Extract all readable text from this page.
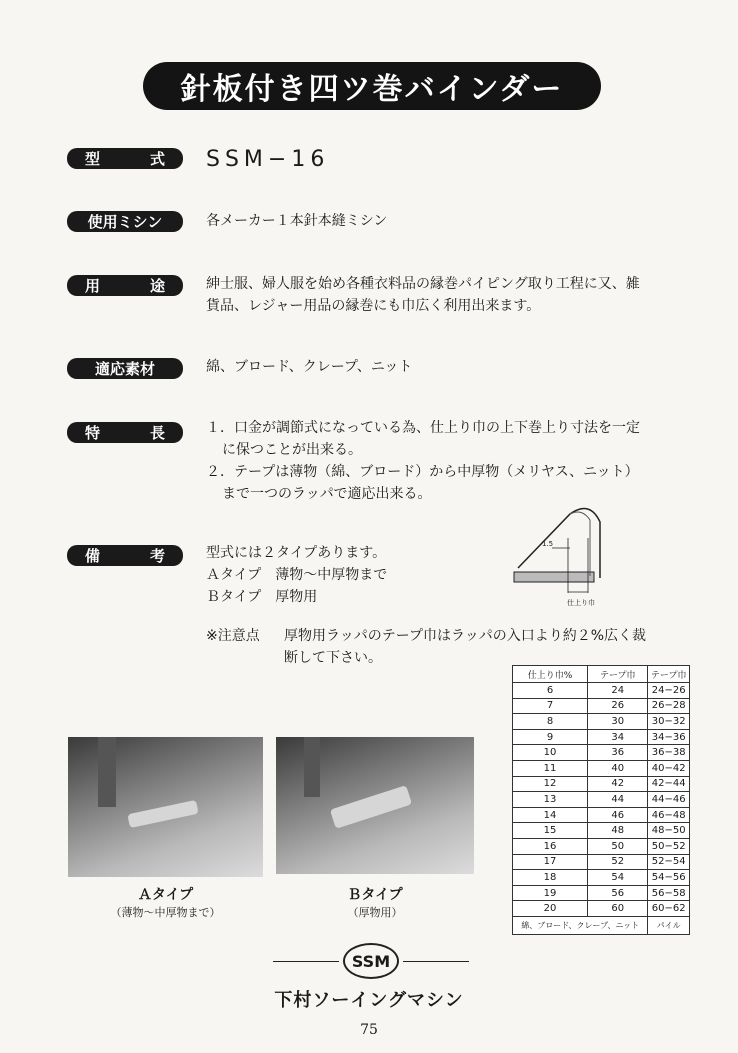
針板付き四ツ巻バインダー
型	式 SSM−16
使用ミシン	各メーカー１本針本縫ミシン
用	途	紳士服、婦人服を始め各種衣料品の縁巻パイピング取り工程に又、雑
貨品、レジャー用品の縁巻にも巾広く利用出来ます。
適応素材	綿、ブロード、クレープ、ニット
特	長	１．口金が調節式になっている為、仕上り巾の上下巻上り寸法を一定
に保つことが出来る。
２．テープは薄物（綿、ブロード）から中厚物（メリヤス、ニット）
まで一つのラッパで適応出来る。
1.5
仕上り巾
備	考	型式には２タイプあります。
Ａタイプ　薄物～中厚物まで
Ｂタイプ　厚物用
※注意点 厚物用ラッパのテープ巾はラッパの入口より約２%広く裁
断して下さい。
仕上り巾%	テープ巾	テープ巾
6	24	24−26
7	26	26−28
8	30	30−32
9	34	34−36
10	36	36−38
11	40	40−42
12	42	42−44
13	44	44−46
14	46	46−48
15	48	48−50
16	50	50−52
17	52	52−54
18	54	54−56
19	56	56−58
20	60	60−62
綿、ブロード、クレープ、ニット		パイル
Ａタイプ
（薄物～中厚物まで）
Ｂタイプ
（厚物用）
SSM
下村ソーイングマシン
75
